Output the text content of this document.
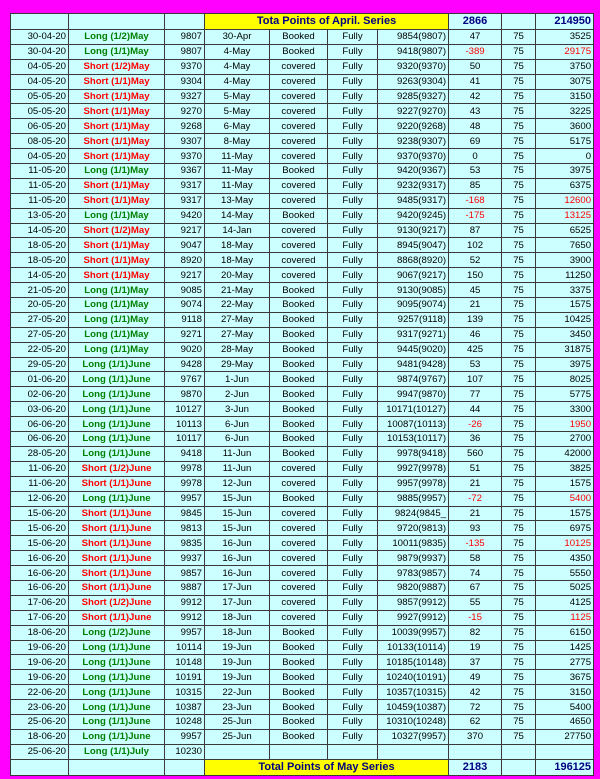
			Tota Points of April. Series				2866		214950
30-04-20	Long (1/2)May	9807	30-Apr	Booked	Fully	9854(9807)	47	75	3525
30-04-20	Long (1/1)May	9807	4-May	Booked	Fully	9418(9807)	-389	75	29175
04-05-20	Short (1/2)May	9370	4-May	covered	Fully	9320(9370)	50	75	3750
04-05-20	Short (1/1)May	9304	4-May	covered	Fully	9263(9304)	41	75	3075
05-05-20	Short (1/1)May	9327	5-May	covered	Fully	9285(9327)	42	75	3150
05-05-20	Short (1/1)May	9270	5-May	covered	Fully	9227(9270)	43	75	3225
06-05-20	Short (1/1)May	9268	6-May	covered	Fully	9220(9268)	48	75	3600
08-05-20	Short (1/1)May	9307	8-May	covered	Fully	9238(9307)	69	75	5175
04-05-20	Short (1/1)May	9370	11-May	covered	Fully	9370(9370)	0	75	0
11-05-20	Long (1/1)May	9367	11-May	Booked	Fully	9420(9367)	53	75	3975
11-05-20	Short (1/1)May	9317	11-May	covered	Fully	9232(9317)	85	75	6375
11-05-20	Short (1/1)May	9317	13-May	covered	Fully	9485(9317)	-168	75	12600
13-05-20	Long (1/1)May	9420	14-May	Booked	Fully	9420(9245)	-175	75	13125
14-05-20	Short (1/2)May	9217	14-Jan	covered	Fully	9130(9217)	87	75	6525
18-05-20	Short (1/1)May	9047	18-May	covered	Fully	8945(9047)	102	75	7650
18-05-20	Short (1/1)May	8920	18-May	covered	Fully	8868(8920)	52	75	3900
14-05-20	Short (1/1)May	9217	20-May	covered	Fully	9067(9217)	150	75	11250
21-05-20	Long (1/1)May	9085	21-May	Booked	Fully	9130(9085)	45	75	3375
20-05-20	Long (1/1)May	9074	22-May	Booked	Fully	9095(9074)	21	75	1575
27-05-20	Long (1/1)May	9118	27-May	Booked	Fully	9257(9118)	139	75	10425
27-05-20	Long (1/1)May	9271	27-May	Booked	Fully	9317(9271)	46	75	3450
22-05-20	Long (1/1)May	9020	28-May	Booked	Fully	9445(9020)	425	75	31875
29-05-20	Long (1/1)June	9428	29-May	Booked	Fully	9481(9428)	53	75	3975
01-06-20	Long (1/1)June	9767	1-Jun	Booked	Fully	9874(9767)	107	75	8025
02-06-20	Long (1/1)June	9870	2-Jun	Booked	Fully	9947(9870)	77	75	5775
03-06-20	Long (1/1)June	10127	3-Jun	Booked	Fully	10171(10127)	44	75	3300
06-06-20	Long (1/1)June	10113	6-Jun	Booked	Fully	10087(10113)	-26	75	1950
06-06-20	Long (1/1)June	10117	6-Jun	Booked	Fully	10153(10117)	36	75	2700
28-05-20	Long (1/1)June	9418	11-Jun	Booked	Fully	9978(9418)	560	75	42000
11-06-20	Short (1/2)June	9978	11-Jun	covered	Fully	9927(9978)	51	75	3825
11-06-20	Short (1/1)June	9978	12-Jun	covered	Fully	9957(9978)	21	75	1575
12-06-20	Long (1/1)June	9957	15-Jun	Booked	Fully	9885(9957)	-72	75	5400
15-06-20	Short (1/1)June	9845	15-Jun	covered	Fully	9824(9845_	21	75	1575
15-06-20	Short (1/1)June	9813	15-Jun	covered	Fully	9720(9813)	93	75	6975
15-06-20	Short (1/1)June	9835	16-Jun	covered	Fully	10011(9835)	-135	75	10125
16-06-20	Short (1/1)June	9937	16-Jun	covered	Fully	9879(9937)	58	75	4350
16-06-20	Short (1/1)June	9857	16-Jun	covered	Fully	9783(9857)	74	75	5550
16-06-20	Short (1/1)June	9887	17-Jun	covered	Fully	9820(9887)	67	75	5025
17-06-20	Short (1/2)June	9912	17-Jun	covered	Fully	9857(9912)	55	75	4125
17-06-20	Short (1/1)June	9912	18-Jun	covered	Fully	9927(9912)	-15	75	1125
18-06-20	Long (1/2)June	9957	18-Jun	Booked	Fully	10039(9957)	82	75	6150
19-06-20	Long (1/1)June	10114	19-Jun	Booked	Fully	10133(10114)	19	75	1425
19-06-20	Long (1/1)June	10148	19-Jun	Booked	Fully	10185(10148)	37	75	2775
19-06-20	Long (1/1)June	10191	19-Jun	Booked	Fully	10240(10191)	49	75	3675
22-06-20	Long (1/1)June	10315	22-Jun	Booked	Fully	10357(10315)	42	75	3150
23-06-20	Long (1/1)June	10387	23-Jun	Booked	Fully	10459(10387)	72	75	5400
25-06-20	Long (1/1)June	10248	25-Jun	Booked	Fully	10310(10248)	62	75	4650
18-06-20	Long (1/1)June	9957	25-Jun	Booked	Fully	10327(9957)	370	75	27750
25-06-20	Long (1/1)July	10230							
			Total Points of May Series				2183		196125
